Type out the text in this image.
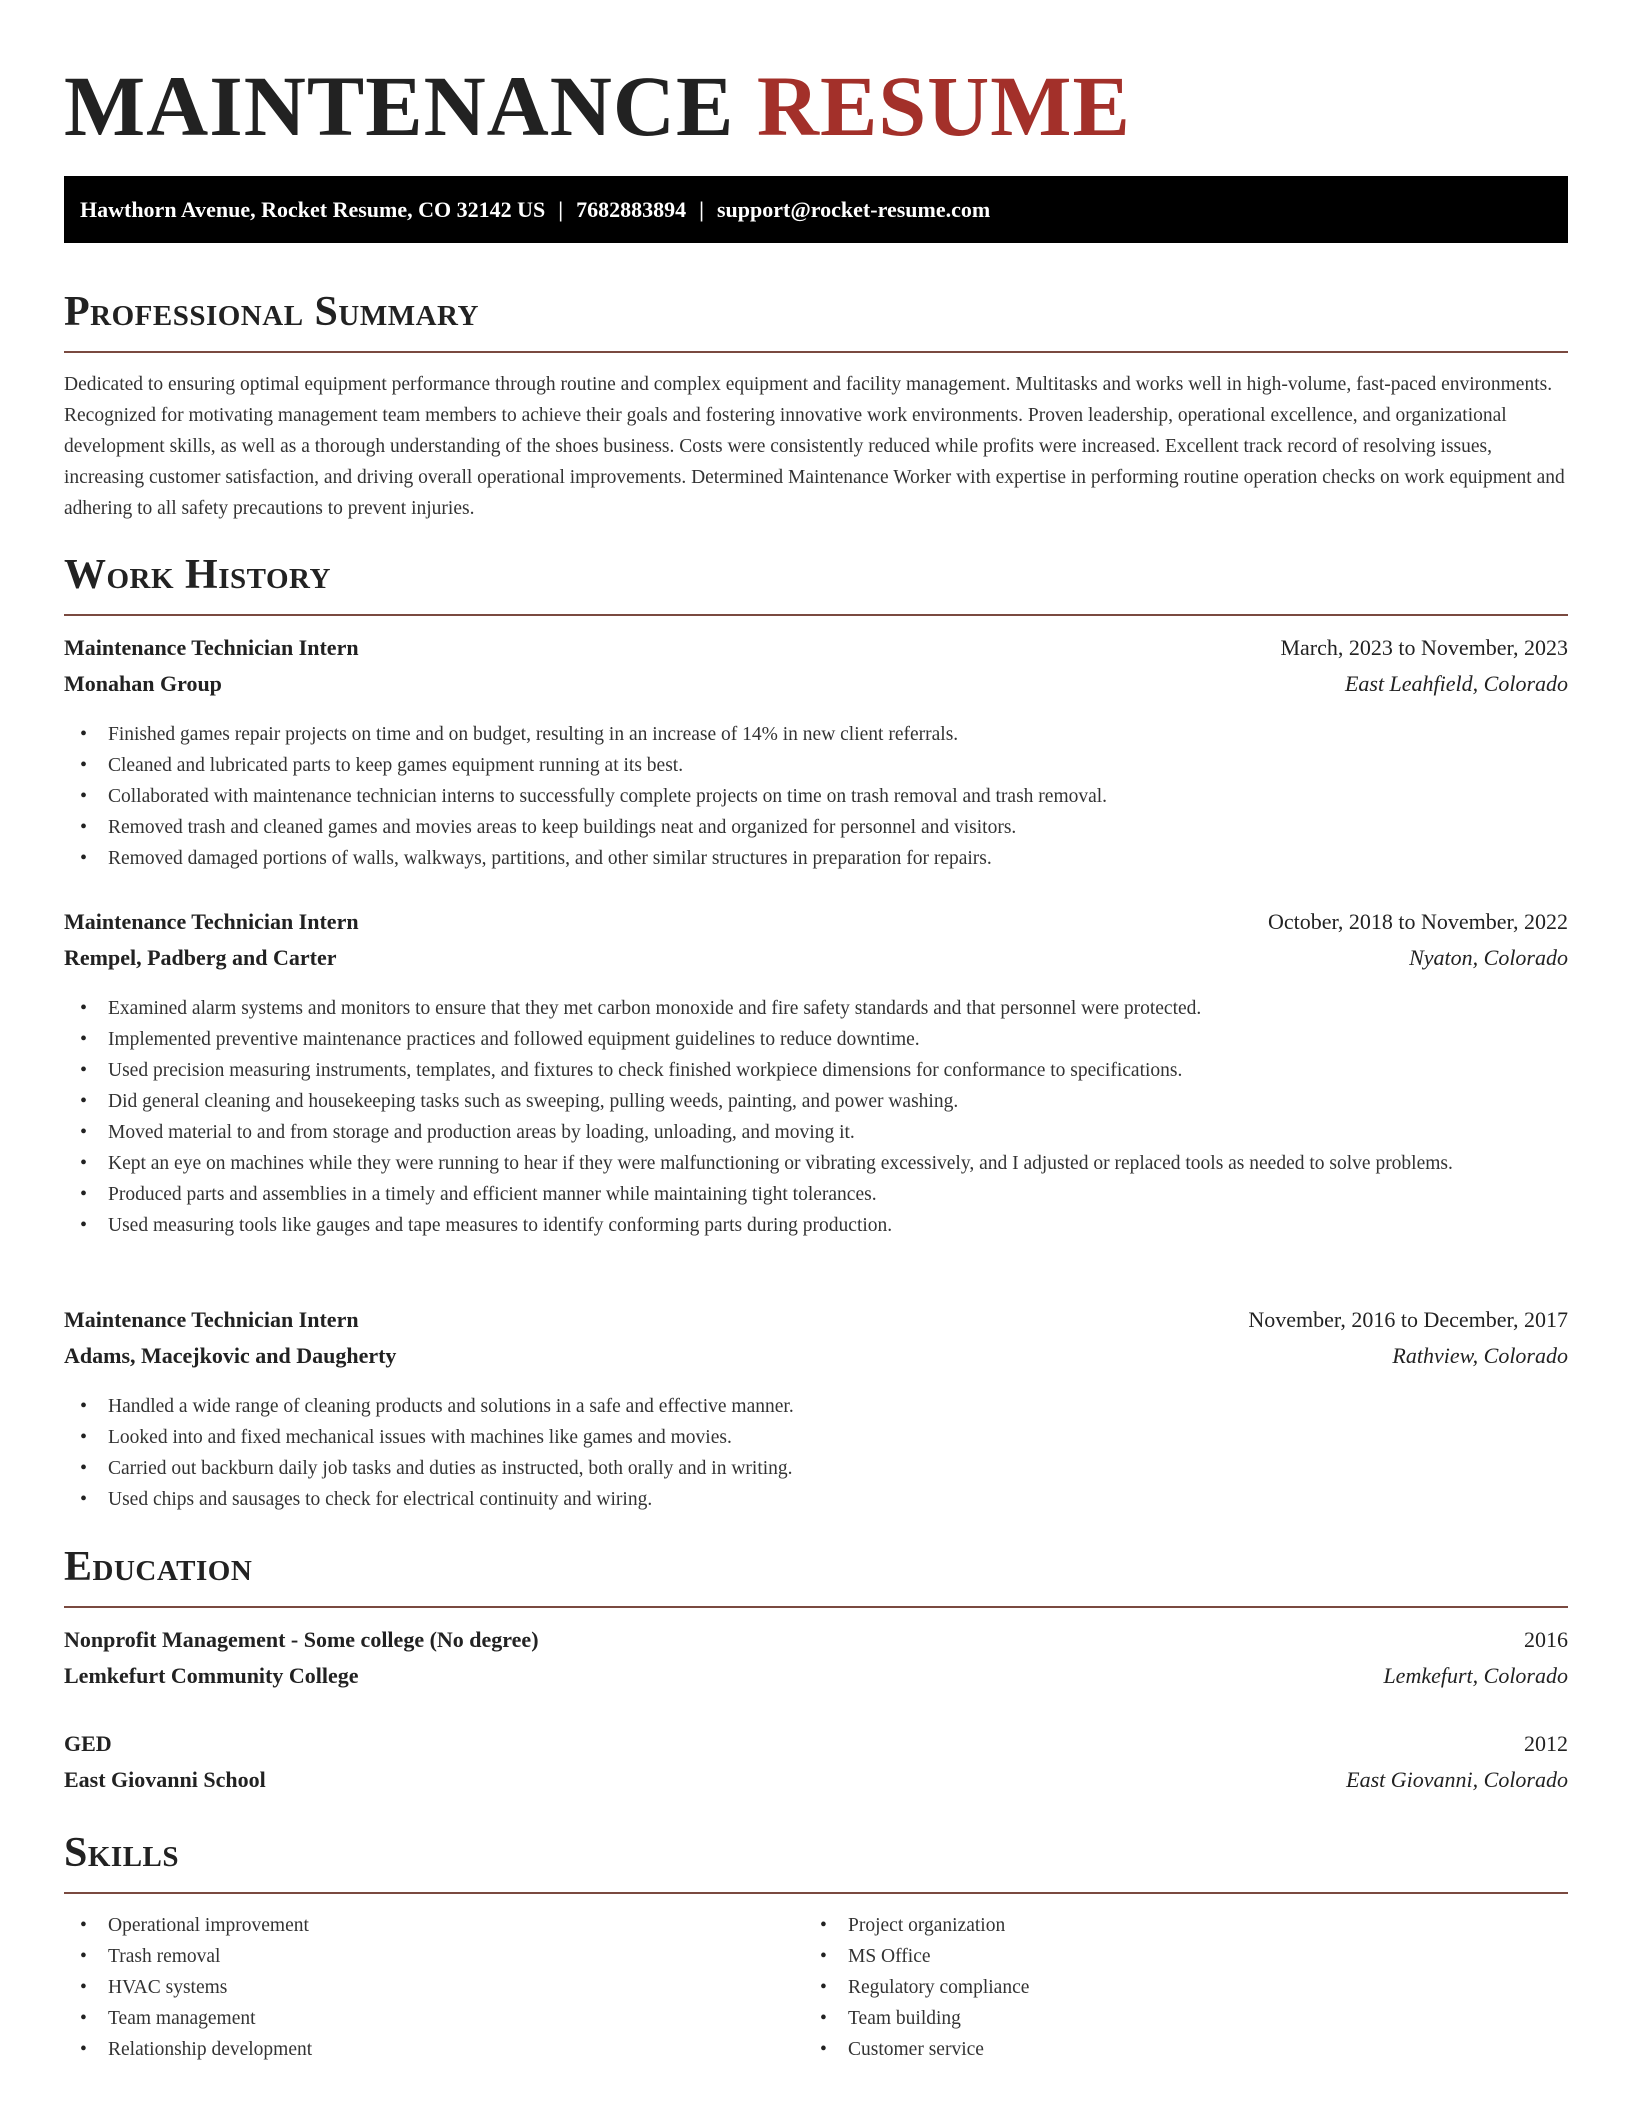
MAINTENANCE RESUME
Hawthorn Avenue, Rocket Resume, CO 32142 US | 7682883894 | support@rocket-resume.com
Professional Summary

Dedicated to ensuring optimal equipment performance through routine and complex equipment and facility management. Multitasks and works well in high-volume, fast-paced environments. Recognized for motivating management team members to achieve their goals and fostering innovative work environments. Proven leadership, operational excellence, and organizational development skills, as well as a thorough understanding of the shoes business. Costs were consistently reduced while profits were increased. Excellent track record of resolving issues, increasing customer satisfaction, and driving overall operational improvements. Determined Maintenance Worker with expertise in performing routine operation checks on work equipment and adhering to all safety precautions to prevent injuries.

Work History
Maintenance Technician Intern	March, 2023 to November, 2023
Monahan Group	East Leahfield, Colorado
• Finished games repair projects on time and on budget, resulting in an increase of 14% in new client referrals.
• Cleaned and lubricated parts to keep games equipment running at its best.
• Collaborated with maintenance technician interns to successfully complete projects on time on trash removal and trash removal.
• Removed trash and cleaned games and movies areas to keep buildings neat and organized for personnel and visitors.
• Removed damaged portions of walls, walkways, partitions, and other similar structures in preparation for repairs.
Maintenance Technician Intern	October, 2018 to November, 2022
Rempel, Padberg and Carter	Nyaton, Colorado
• Examined alarm systems and monitors to ensure that they met carbon monoxide and fire safety standards and that personnel were protected.
• Implemented preventive maintenance practices and followed equipment guidelines to reduce downtime.
• Used precision measuring instruments, templates, and fixtures to check finished workpiece dimensions for conformance to specifications.
• Did general cleaning and housekeeping tasks such as sweeping, pulling weeds, painting, and power washing.
• Moved material to and from storage and production areas by loading, unloading, and moving it.
• Kept an eye on machines while they were running to hear if they were malfunctioning or vibrating excessively, and I adjusted or replaced tools as needed to solve problems.
• Produced parts and assemblies in a timely and efficient manner while maintaining tight tolerances.
• Used measuring tools like gauges and tape measures to identify conforming parts during production.
Maintenance Technician Intern	November, 2016 to December, 2017
Adams, Macejkovic and Daugherty	Rathview, Colorado
• Handled a wide range of cleaning products and solutions in a safe and effective manner.
• Looked into and fixed mechanical issues with machines like games and movies.
• Carried out backburn daily job tasks and duties as instructed, both orally and in writing.
• Used chips and sausages to check for electrical continuity and wiring.
Education
Nonprofit Management - Some college (No degree)	2016
Lemkefurt Community College	Lemkefurt, Colorado
GED	2012
East Giovanni School	East Giovanni, Colorado
Skills
• Operational improvement
• Trash removal
• HVAC systems
• Team management
• Relationship development
• Project organization
• MS Office
• Regulatory compliance
• Team building
• Customer service
